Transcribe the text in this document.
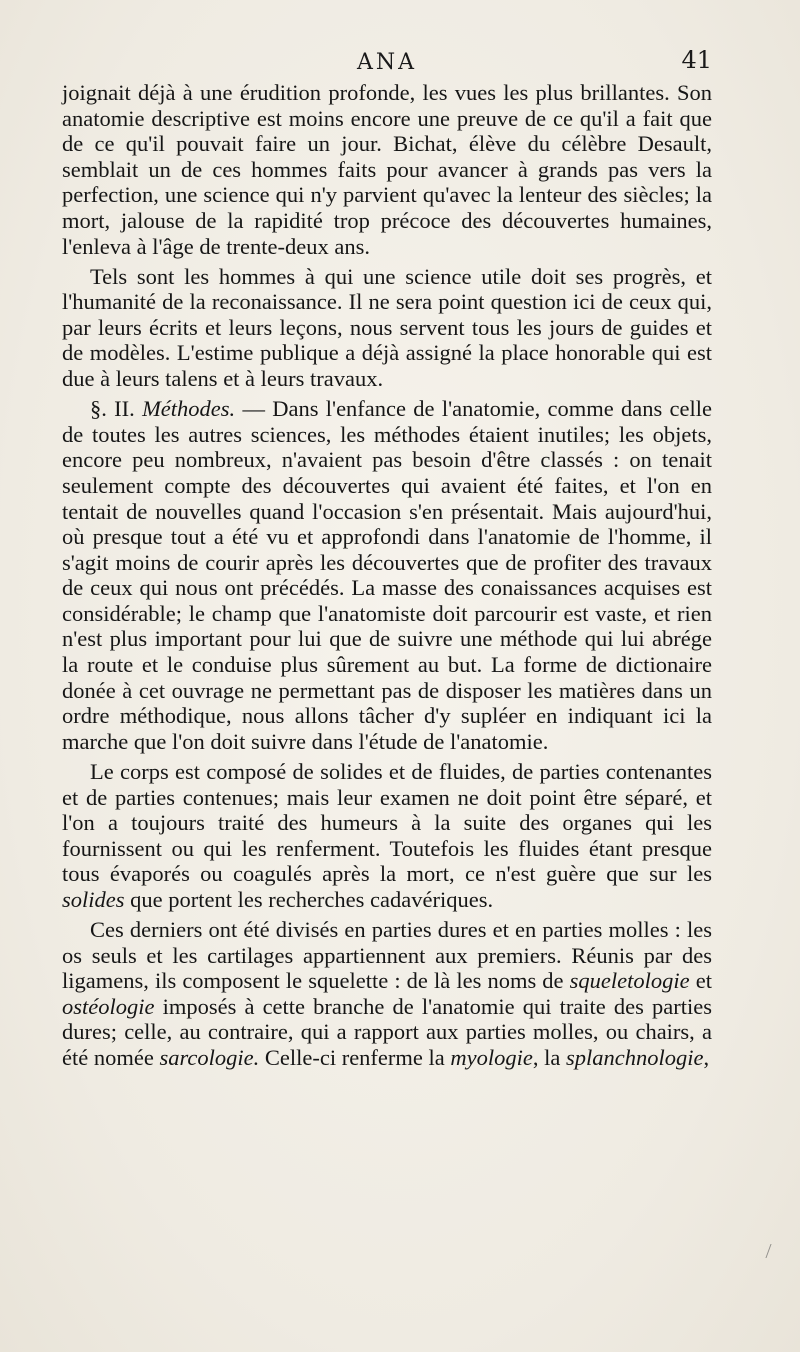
ANA	41

joignait déjà à une érudition profonde, les vues les plus brillantes. Son anatomie descriptive est moins encore une preuve de ce qu'il a fait que de ce qu'il pouvait faire un jour. Bichat, élève du célèbre Desault, semblait un de ces hommes faits pour avancer à grands pas vers la perfection, une science qui n'y parvient qu'avec la lenteur des siècles; la mort, jalouse de la rapidité trop précoce des découvertes humaines, l'enleva à l'âge de trente-deux ans.

Tels sont les hommes à qui une science utile doit ses progrès, et l'humanité de la reconaissance. Il ne sera point question ici de ceux qui, par leurs écrits et leurs leçons, nous servent tous les jours de guides et de modèles. L'estime publique a déjà assigné la place honorable qui est due à leurs talens et à leurs travaux.

§. II. Méthodes. — Dans l'enfance de l'anatomie, comme dans celle de toutes les autres sciences, les méthodes étaient inutiles; les objets, encore peu nombreux, n'avaient pas besoin d'être classés : on tenait seulement compte des découvertes qui avaient été faites, et l'on en tentait de nouvelles quand l'occasion s'en présentait. Mais aujourd'hui, où presque tout a été vu et approfondi dans l'anatomie de l'homme, il s'agit moins de courir après les découvertes que de profiter des travaux de ceux qui nous ont précédés. La masse des conaissances acquises est considérable; le champ que l'anatomiste doit parcourir est vaste, et rien n'est plus important pour lui que de suivre une méthode qui lui abrége la route et le conduise plus sûrement au but. La forme de dictionaire donée à cet ouvrage ne permettant pas de disposer les matières dans un ordre méthodique, nous allons tâcher d'y supléer en indiquant ici la marche que l'on doit suivre dans l'étude de l'anatomie.

Le corps est composé de solides et de fluides, de parties contenantes et de parties contenues; mais leur examen ne doit point être séparé, et l'on a toujours traité des humeurs à la suite des organes qui les fournissent ou qui les renferment. Toutefois les fluides étant presque tous évaporés ou coagulés après la mort, ce n'est guère que sur les solides que portent les recherches cadavériques.

Ces derniers ont été divisés en parties dures et en parties molles : les os seuls et les cartilages appartiennent aux premiers. Réunis par des ligamens, ils composent le squelette : de là les noms de squeletologie et ostéologie imposés à cette branche de l'anatomie qui traite des parties dures; celle, au contraire, qui a rapport aux parties molles, ou chairs, a été nomée sarcologie. Celle-ci renferme la myologie, la splanchnologie,
